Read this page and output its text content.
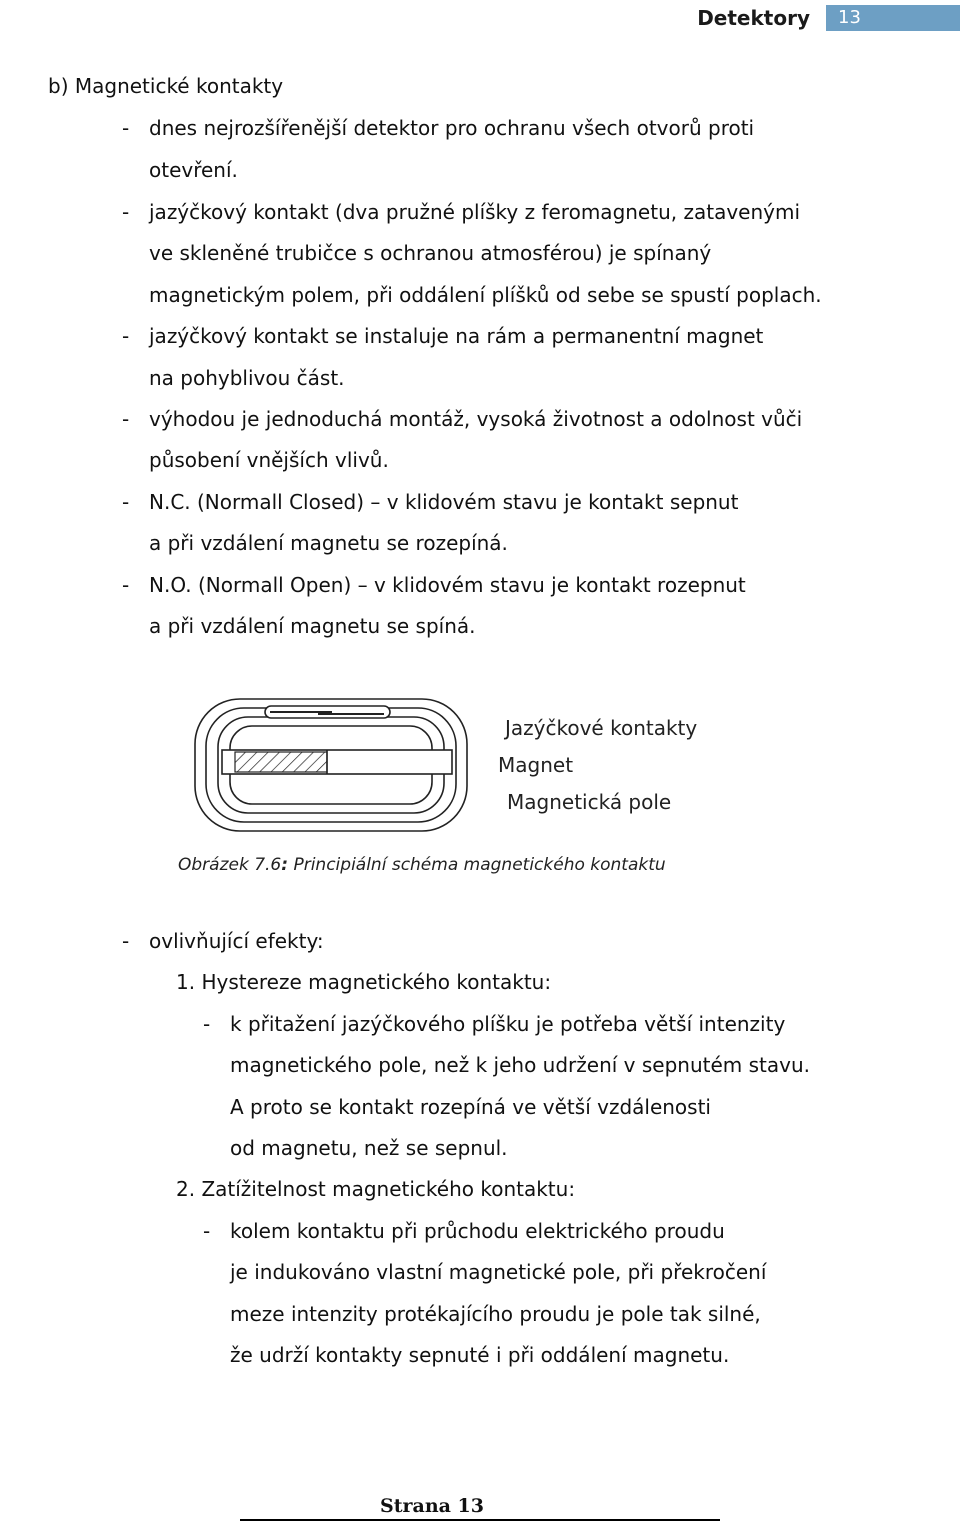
Detektory	13
b) Magnetické kontakty
- dnes nejrozšířenější detektor pro ochranu všech otvorů proti
otevření.
- jazýčkový kontakt (dva pružné plíšky z feromagnetu, zatavenými
ve skleněné trubičce s ochranou atmosférou) je spínaný
magnetickým polem, při oddálení plíšků od sebe se spustí poplach.
- jazýčkový kontakt se instaluje na rám a permanentní magnet
na pohyblivou část.
- výhodou je jednoduchá montáž, vysoká životnost a odolnost vůči
působení vnějších vlivů.
- N.C. (Normall Closed) – v klidovém stavu je kontakt sepnut
a při vzdálení magnetu se rozepíná.
- N.O. (Normall Open) – v klidovém stavu je kontakt rozepnut
a při vzdálení magnetu se spíná.
Jazýčkové kontakty
Magnet
Magnetická pole
Obrázek 7.6: Principiální schéma magnetického kontaktu
- ovlivňující efekty:
1. Hystereze magnetického kontaktu:
- k přitažení jazýčkového plíšku je potřeba větší intenzity
magnetického pole, než k jeho udržení v sepnutém stavu.
A proto se kontakt rozepíná ve větší vzdálenosti
od magnetu, než se sepnul.
2. Zatížitelnost magnetického kontaktu:
- kolem kontaktu při průchodu elektrického proudu
je indukováno vlastní magnetické pole, při překročení
meze intenzity protékajícího proudu je pole tak silné,
že udrží kontakty sepnuté i při oddálení magnetu.
Strana 13
